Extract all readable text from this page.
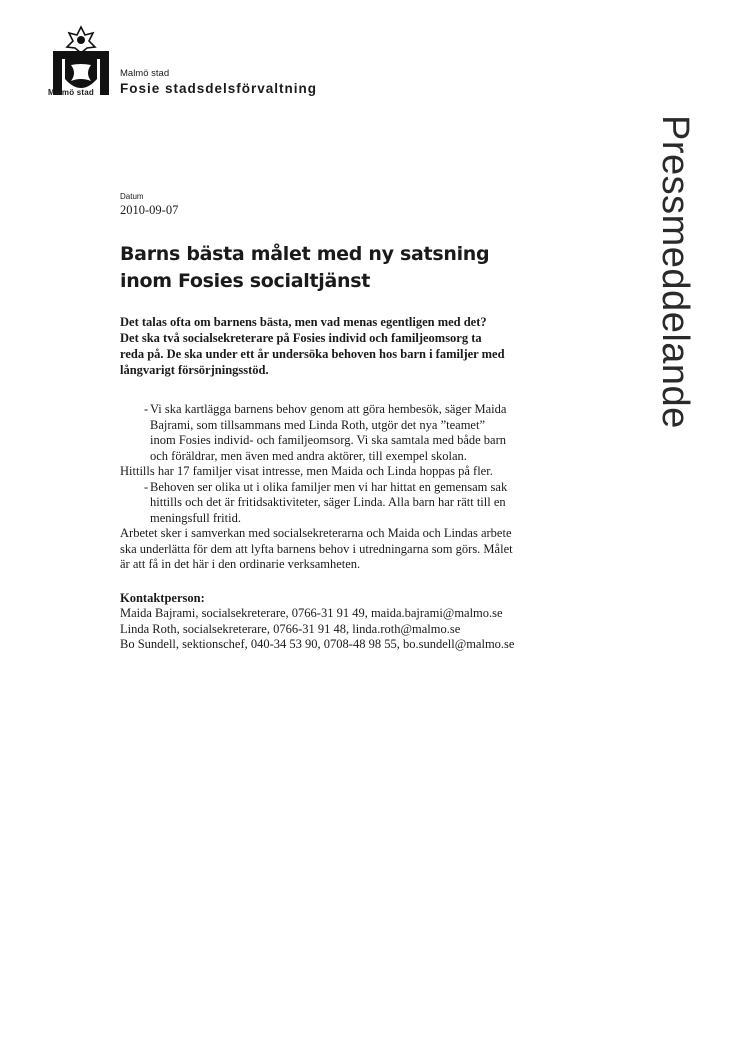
Malmö stad
Malmö stad
Fosie stadsdelsförvaltning
Pressmeddelande
Datum
2010-09-07
Barns bästa målet med ny satsning
inom Fosies socialtjänst

Det talas ofta om barnens bästa, men vad menas egentligen med det?
Det ska två socialsekreterare på Fosies individ och familjeomsorg ta
reda på. De ska under ett år undersöka behoven hos barn i familjer med
långvarigt försörjningsstöd.

- Vi ska kartlägga barnens behov genom att göra hembesök, säger Maida
Bajrami, som tillsammans med Linda Roth, utgör det nya ”teamet”
inom Fosies individ- och familjeomsorg. Vi ska samtala med både barn
och föräldrar, men även med andra aktörer, till exempel skolan.

Hittills har 17 familjer visat intresse, men Maida och Linda hoppas på fler.

- Behoven ser olika ut i olika familjer men vi har hittat en gemensam sak
hittills och det är fritidsaktiviteter, säger Linda. Alla barn har rätt till en
meningsfull fritid.

Arbetet sker i samverkan med socialsekreterarna och Maida och Lindas arbete
ska underlätta för dem att lyfta barnens behov i utredningarna som görs. Målet
är att få in det här i den ordinarie verksamheten.

Kontaktperson:

Maida Bajrami, socialsekreterare, 0766-31 91 49, maida.bajrami@malmo.se
Linda Roth, socialsekreterare, 0766-31 91 48, linda.roth@malmo.se
Bo Sundell, sektionschef, 040-34 53 90, 0708-48 98 55, bo.sundell@malmo.se
